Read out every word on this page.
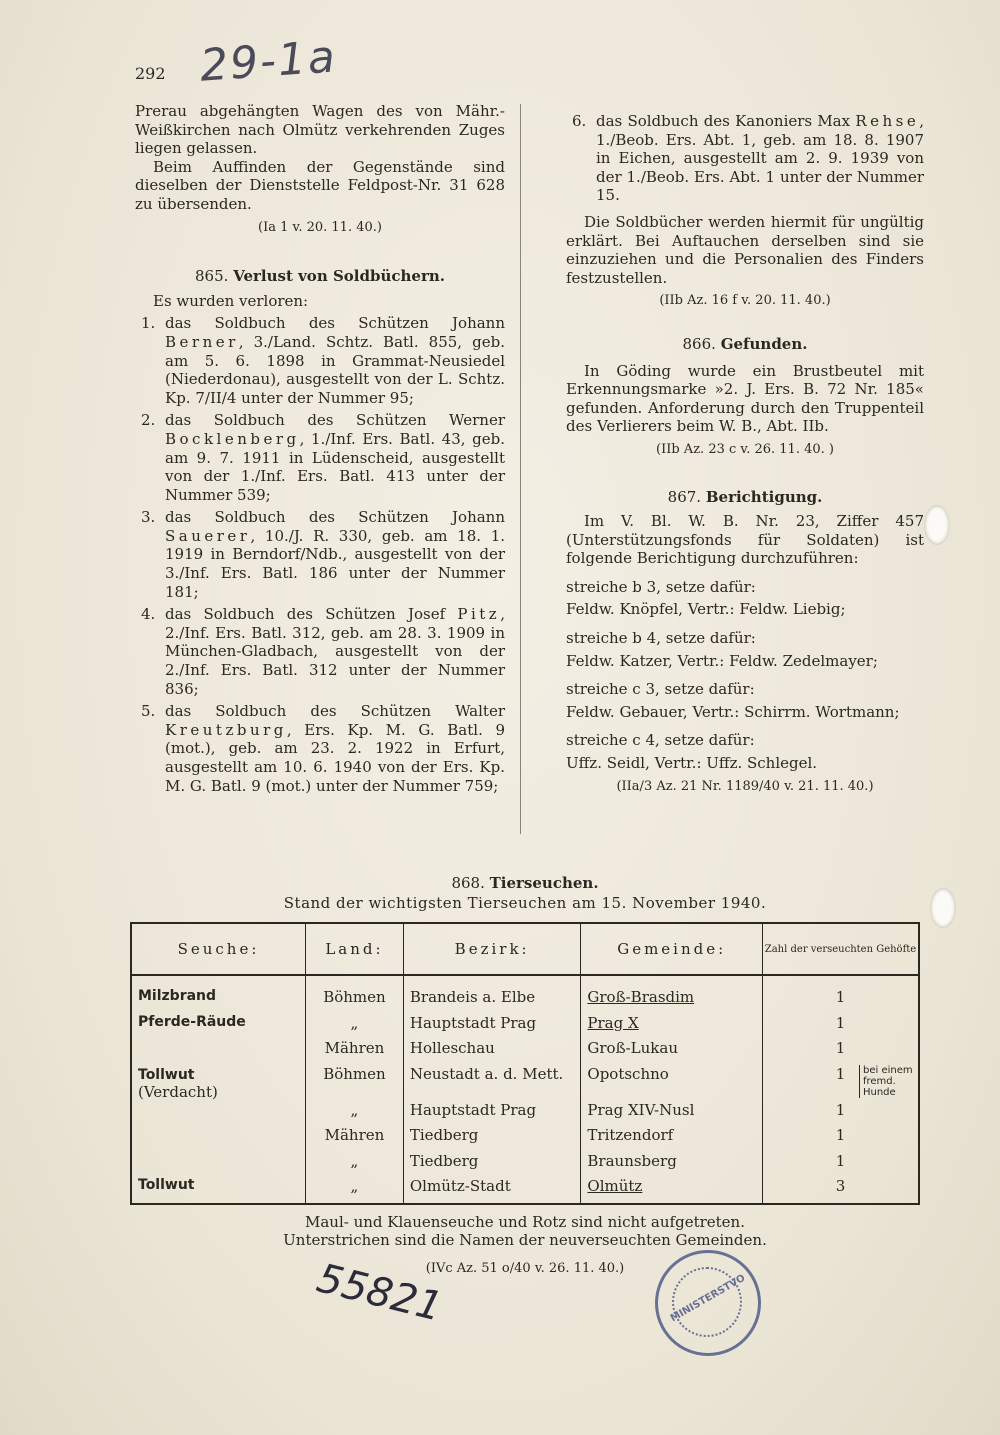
292 29-1a

Prerau abgehängten Wagen des von Mähr.-Weißkirchen nach Olmütz verkehrenden Zuges liegen gelassen.

Beim Auffinden der Gegenstände sind dieselben der Dienststelle Feldpost-Nr. 31 628 zu übersenden.

(Ia 1 v. 20. 11. 40.)

865. Verlust von Soldbüchern.

Es wurden verloren:

1. das Soldbuch des Schützen Johann Berner, 3./Land. Schtz. Batl. 855, geb. am 5. 6. 1898 in Grammat-Neusiedel (Niederdonau), ausgestellt von der L. Schtz. Kp. 7/II/4 unter der Nummer 95;
2. das Soldbuch des Schützen Werner Bocklenberg, 1./Inf. Ers. Batl. 43, geb. am 9. 7. 1911 in Lüdenscheid, ausgestellt von der 1./Inf. Ers. Batl. 413 unter der Nummer 539;
3. das Soldbuch des Schützen Johann Sauerer, 10./J. R. 330, geb. am 18. 1. 1919 in Berndorf/Ndb., ausgestellt von der 3./Inf. Ers. Batl. 186 unter der Nummer 181;
4. das Soldbuch des Schützen Josef Pitz, 2./Inf. Ers. Batl. 312, geb. am 28. 3. 1909 in München-Gladbach, ausgestellt von der 2./Inf. Ers. Batl. 312 unter der Nummer 836;
5. das Soldbuch des Schützen Walter Kreutzburg, Ers. Kp. M. G. Batl. 9 (mot.), geb. am 23. 2. 1922 in Erfurt, ausgestellt am 10. 6. 1940 von der Ers. Kp. M. G. Batl. 9 (mot.) unter der Nummer 759;
6. das Soldbuch des Kanoniers Max Rehse, 1./Beob. Ers. Abt. 1, geb. am 18. 8. 1907 in Eichen, ausgestellt am 2. 9. 1939 von der 1./Beob. Ers. Abt. 1 unter der Nummer 15.

Die Soldbücher werden hiermit für ungültig erklärt. Bei Auftauchen derselben sind sie einzuziehen und die Personalien des Finders festzustellen.

(IIb Az. 16 f v. 20. 11. 40.)

866. Gefunden.

In Göding wurde ein Brustbeutel mit Erkennungsmarke »2. J. Ers. B. 72 Nr. 185« gefunden. Anforderung durch den Truppenteil des Verlierers beim W. B., Abt. IIb.

(IIb Az. 23 c v. 26. 11. 40. )

867. Berichtigung.

Im V. Bl. W. B. Nr. 23, Ziffer 457 (Unterstützungsfonds für Soldaten) ist folgende Berichtigung durchzuführen:

streiche b 3, setze dafür:
Feldw. Knöpfel, Vertr.: Feldw. Liebig;
streiche b 4, setze dafür:
Feldw. Katzer, Vertr.: Feldw. Zedelmayer;
streiche c 3, setze dafür:
Feldw. Gebauer, Vertr.: Schirrm. Wortmann;
streiche c 4, setze dafür:
Uffz. Seidl, Vertr.: Uffz. Schlegel.

(IIa/3 Az. 21 Nr. 1189/40 v. 21. 11. 40.)

868. Tierseuchen.
Stand der wichtigsten Tierseuchen am 15. November 1940.
Seuche:	Land:	Bezirk:	Gemeinde:	Zahl der verseuchten Gehöfte
Milzbrand	Böhmen	Brandeis a. Elbe	Groß-Brasdim	1
Pferde-Räude	„	Hauptstadt Prag	Prag X	1
	Mähren	Holleschau	Groß-Lukau	1
Tollwut
(Verdacht)	Böhmen	Neustadt a. d. Mett.	Opotschno	1 bei einem fremd. Hunde

	„	Hauptstadt Prag	Prag XIV-Nusl	1
	Mähren	Tiedberg	Tritzendorf	1
	„	Tiedberg	Braunsberg	1
Tollwut	„	Olmütz-Stadt	Olmütz	3
Maul- und Klauenseuche und Rotz sind nicht aufgetreten.
Unterstrichen sind die Namen der neuverseuchten Gemeinden.
(IVc Az. 51 o/40 v. 26. 11. 40.)
55821	MINISTERSTVO
